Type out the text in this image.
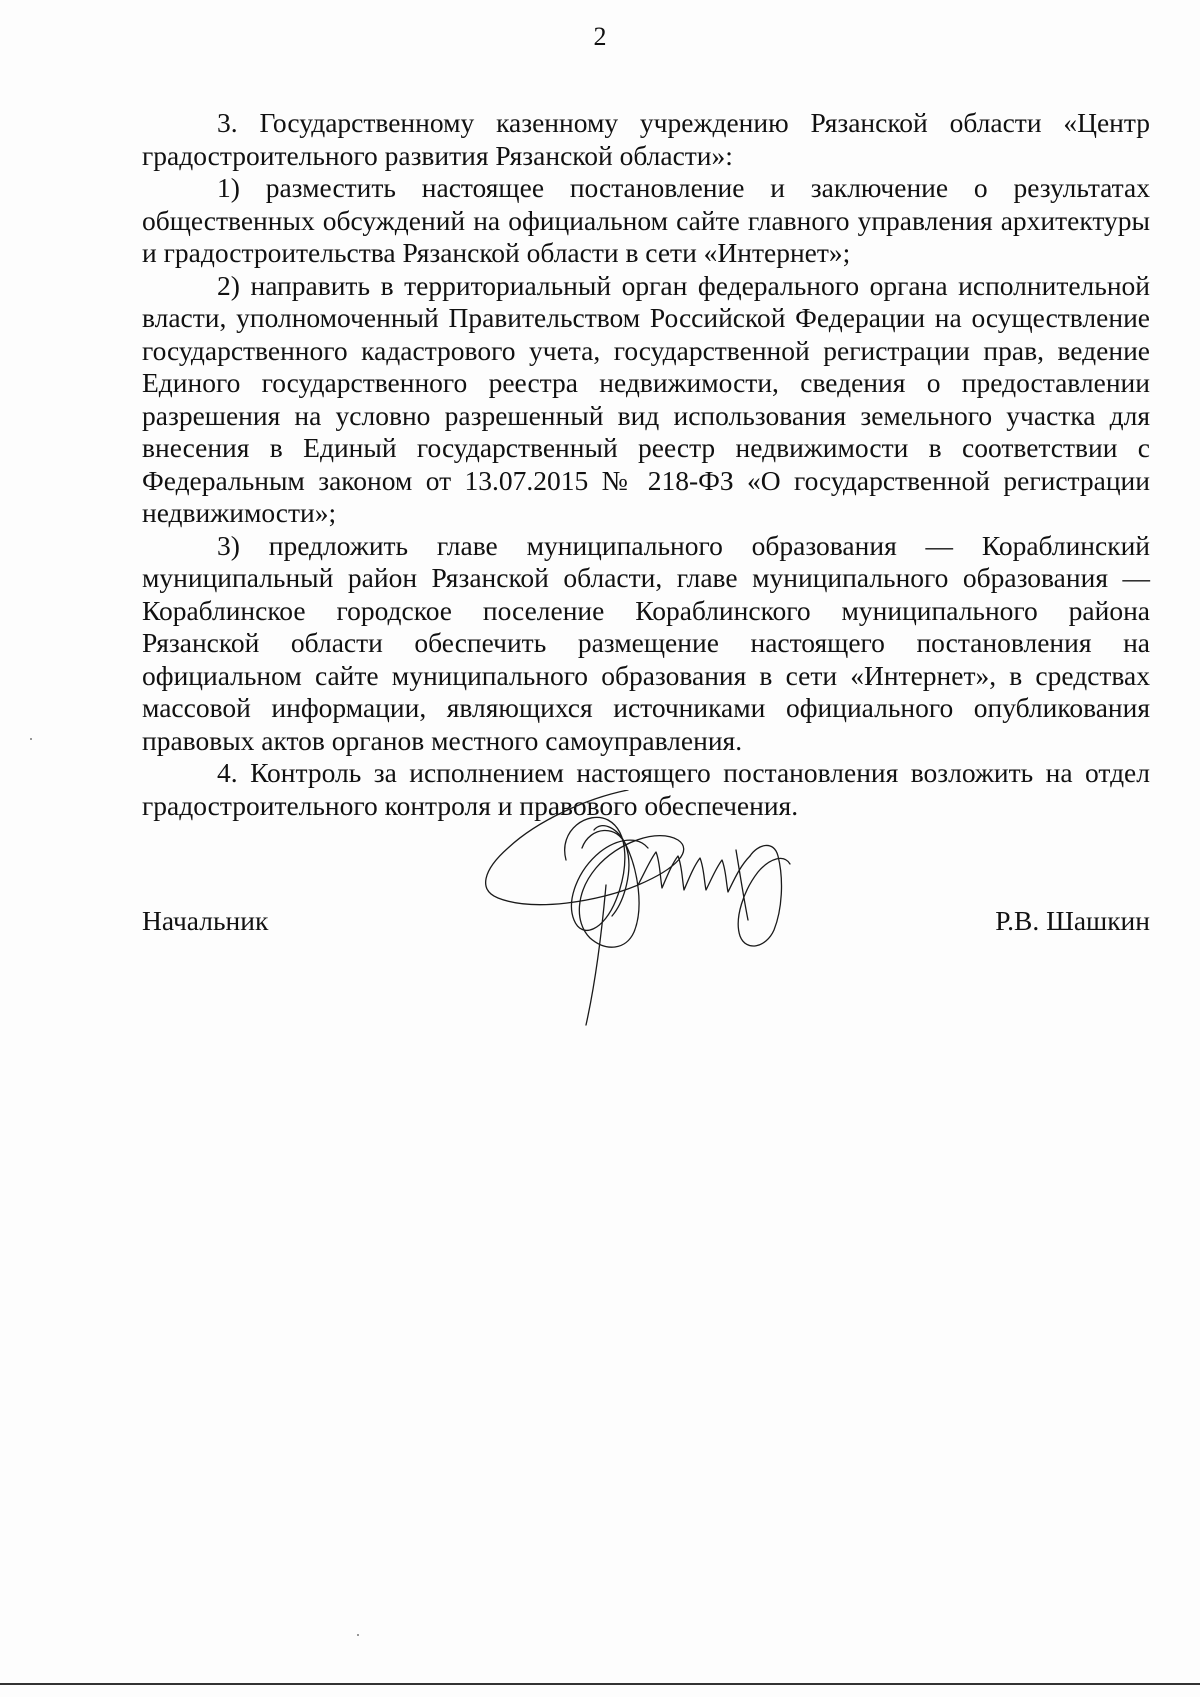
2

3. Государственному казенному учреждению Рязанской области «Центр градостроительного развития Рязанской области»:

1) разместить настоящее постановление и заключение о результатах общественных обсуждений на официальном сайте главного управления архитектуры и градостроительства Рязанской области в сети «Интернет»;

2) направить в территориальный орган федерального органа исполнительной власти, уполномоченный Правительством Российской Федерации на осуществление государственного кадастрового учета, государственной регистрации прав, ведение Единого государственного реестра недвижимости, сведения о предоставлении разрешения на условно разрешенный вид использования земельного участка для внесения в Единый государственный реестр недвижимости в соответствии с Федеральным законом от 13.07.2015 № 218-ФЗ «О государственной регистрации недвижимости»;

3) предложить главе муниципального образования — Кораблинский муниципальный район Рязанской области, главе муниципального образования — Кораблинское городское поселение Кораблинского муниципального района Рязанской области обеспечить размещение настоящего постановления на официальном сайте муниципального образования в сети «Интернет», в средствах массовой информации, являющихся источниками официального опубликования правовых актов органов местного самоуправления.

4. Контроль за исполнением настоящего постановления возложить на отдел градостроительного контроля и правового обеспечения.

Начальник	Р.В. Шашкин
